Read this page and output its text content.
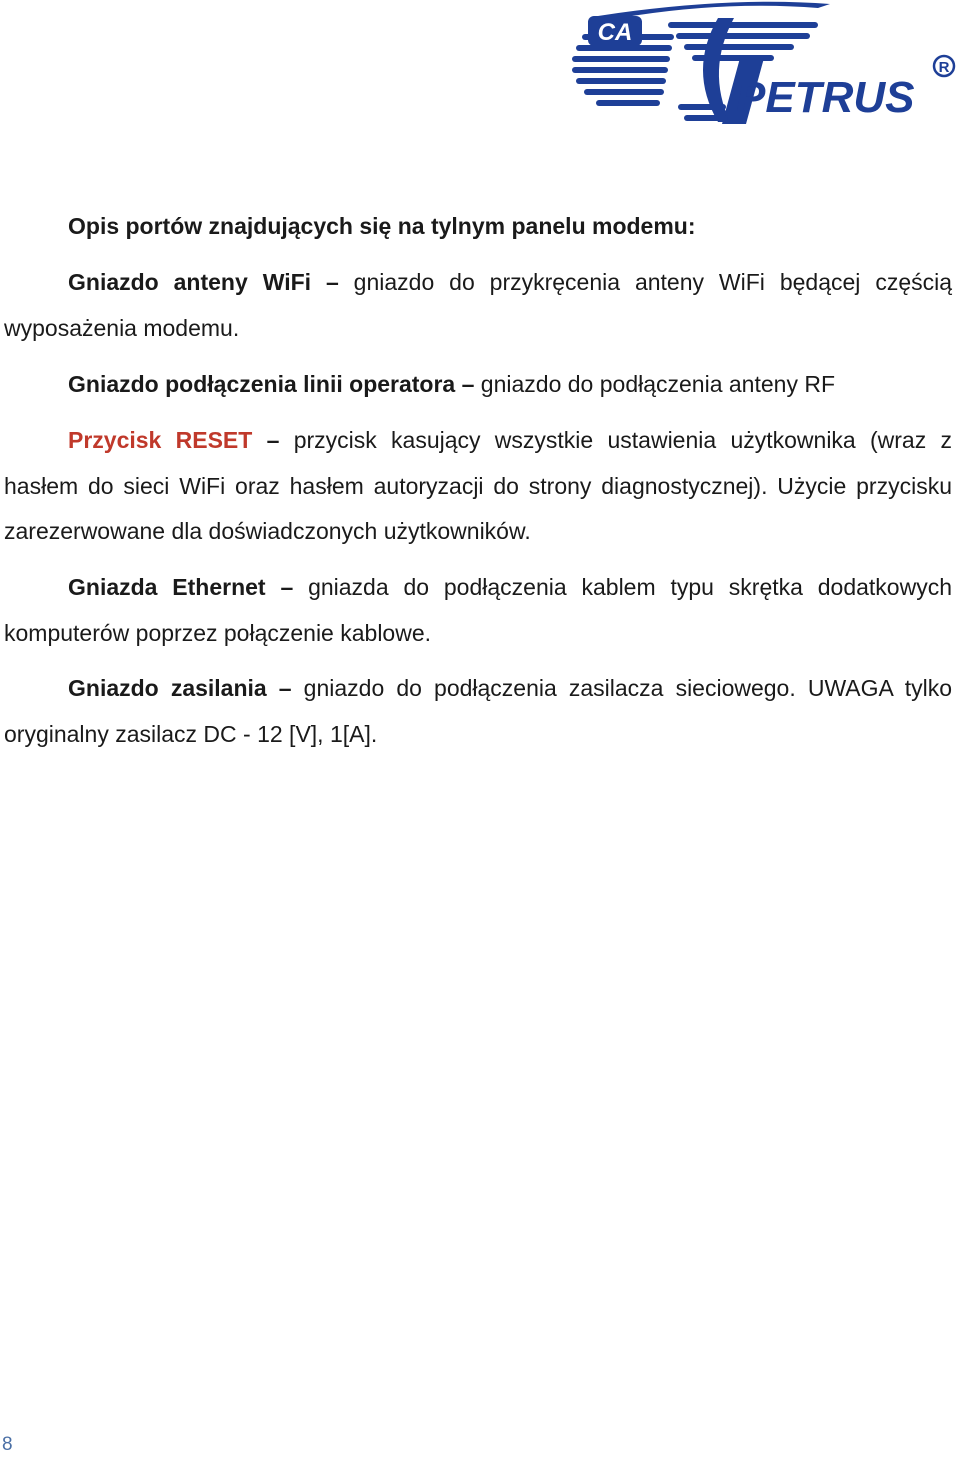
CA
PETRUS
R
Opis portów znajdujących się na tylnym panelu modemu:
Gniazdo anteny WiFi – gniazdo do przykręcenia anteny WiFi będącej częścią wyposażenia modemu.
Gniazdo podłączenia linii operatora – gniazdo do podłączenia anteny RF
Przycisk RESET – przycisk kasujący wszystkie ustawienia użytkownika (wraz z hasłem do sieci WiFi oraz hasłem autoryzacji do strony diagnostycznej). Użycie przycisku zarezerwowane dla doświadczonych użytkowników.
Gniazda Ethernet – gniazda do podłączenia kablem typu skrętka dodatkowych komputerów poprzez połączenie kablowe.
Gniazdo zasilania – gniazdo do podłączenia zasilacza sieciowego. UWAGA tylko oryginalny zasilacz DC - 12 [V], 1[A].
8
